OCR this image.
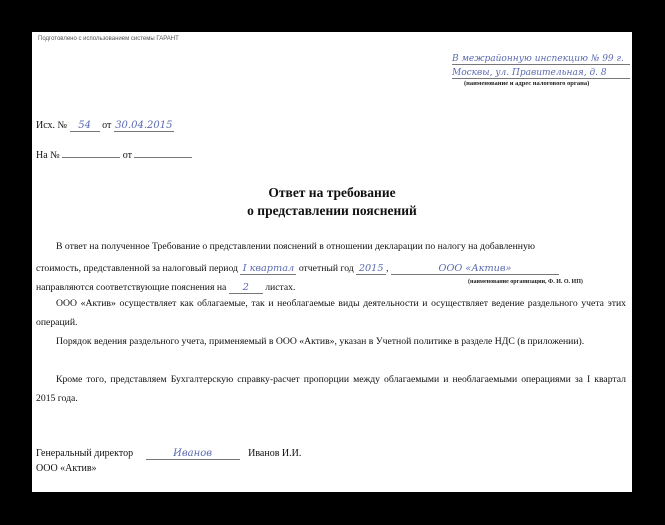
Подготовлено с использованием системы ГАРАНТ
В межрайонную инспекцию № 99 г.
Москвы, ул. Правительная, д. 8
(наименование и адрес налогового органа)
Исх. № 54 от 30.04.2015
На №	от
Ответ на требование
о представлении пояснений
В ответ на полученное Требование о представлении пояснений в отношении декларации по налогу на добавленную
стоимость, представленной за налоговый период I квартал отчетный год 2015 ,	ООО «Актив»
(наименование организации, Ф. И. О. ИП)
направляются соответствующие пояснения на 2 листах.
ООО «Актив» осуществляет как облагаемые, так и необлагаемые виды деятельности и осуществляет ведение раздельного учета этих операций.
Порядок ведения раздельного учета, применяемый в ООО «Актив», указан в Учетной политике в разделе НДС (в приложении).
Кроме того, представляем Бухгалтерскую справку-расчет пропорции между облагаемыми и необлагаемыми операциями за I квартал 2015 года.
Генеральный директор	Иванов	Иванов И.И.
ООО «Актив»
